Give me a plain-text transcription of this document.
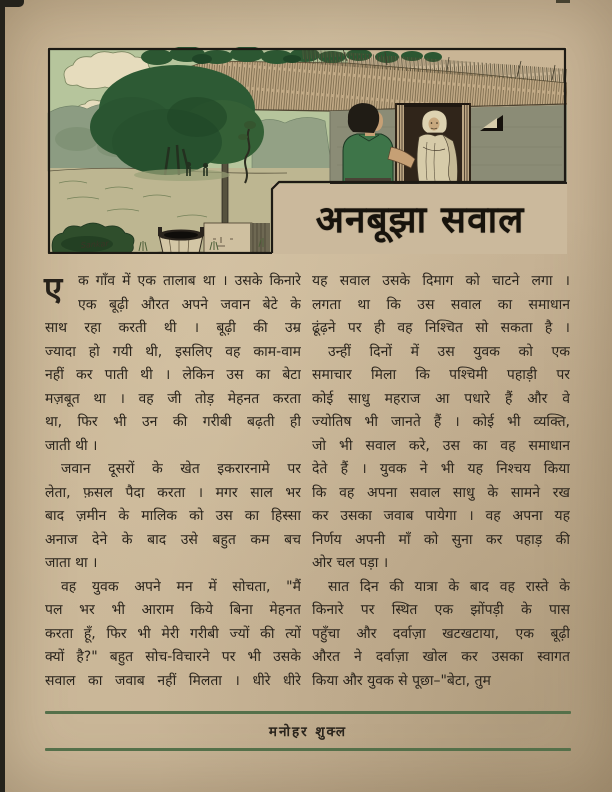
Sankar
अनबूझा सवाल
ए	क गाँव में एक तालाब था । उसके किनारे
एक बूढ़ी औरत अपने जवान बेटे के
साथ रहा करती थी । बूढ़ी की उम्र
ज्यादा हो गयी थी, इसलिए वह काम-वाम
नहीं कर पाती थी । लेकिन उस का बेटा
मज़बूत था । वह जी तोड़ मेहनत करता
था, फिर भी उन की गरीबी बढ़ती ही
जाती थी ।
जवान दूसरों के खेत इकरारनामे पर
लेता, फ़सल पैदा करता । मगर साल भर
बाद ज़मीन के मालिक को उस का हिस्सा
अनाज देने के बाद उसे बहुत कम बच
जाता था ।
वह युवक अपने मन में सोचता, "मैं
पल भर भी आराम किये बिना मेहनत
करता हूँ, फिर भी मेरी गरीबी ज्यों की त्यों
क्यों है?" बहुत सोच-विचारने पर भी उसके
सवाल का जवाब नहीं मिलता । धीरे धीरे
यह सवाल उसके दिमाग को चाटने लगा ।
लगता था कि उस सवाल का समाधान
ढूंढ़ने पर ही वह निश्चित सो सकता है ।
उन्हीं दिनों में उस युवक को एक
समाचार मिला कि पश्चिमी पहाड़ी पर
कोई साधु महराज आ पधारे हैं और वे
ज्योतिष भी जानते हैं । कोई भी व्यक्ति,
जो भी सवाल करे, उस का वह समाधान
देते हैं । युवक ने भी यह निश्चय किया
कि वह अपना सवाल साधु के सामने रख
कर उसका जवाब पायेगा । वह अपना यह
निर्णय अपनी माँ को सुना कर पहाड़ की
ओर चल पड़ा ।
सात दिन की यात्रा के बाद वह रास्ते के
किनारे पर स्थित एक झोंपड़ी के पास
पहुँचा और दर्वाज़ा खटखटाया, एक बूढ़ी
औरत ने दर्वाज़ा खोल कर उसका स्वागत
किया और युवक से पूछा–"बेटा, तुम
मनोहर शुक्ल
